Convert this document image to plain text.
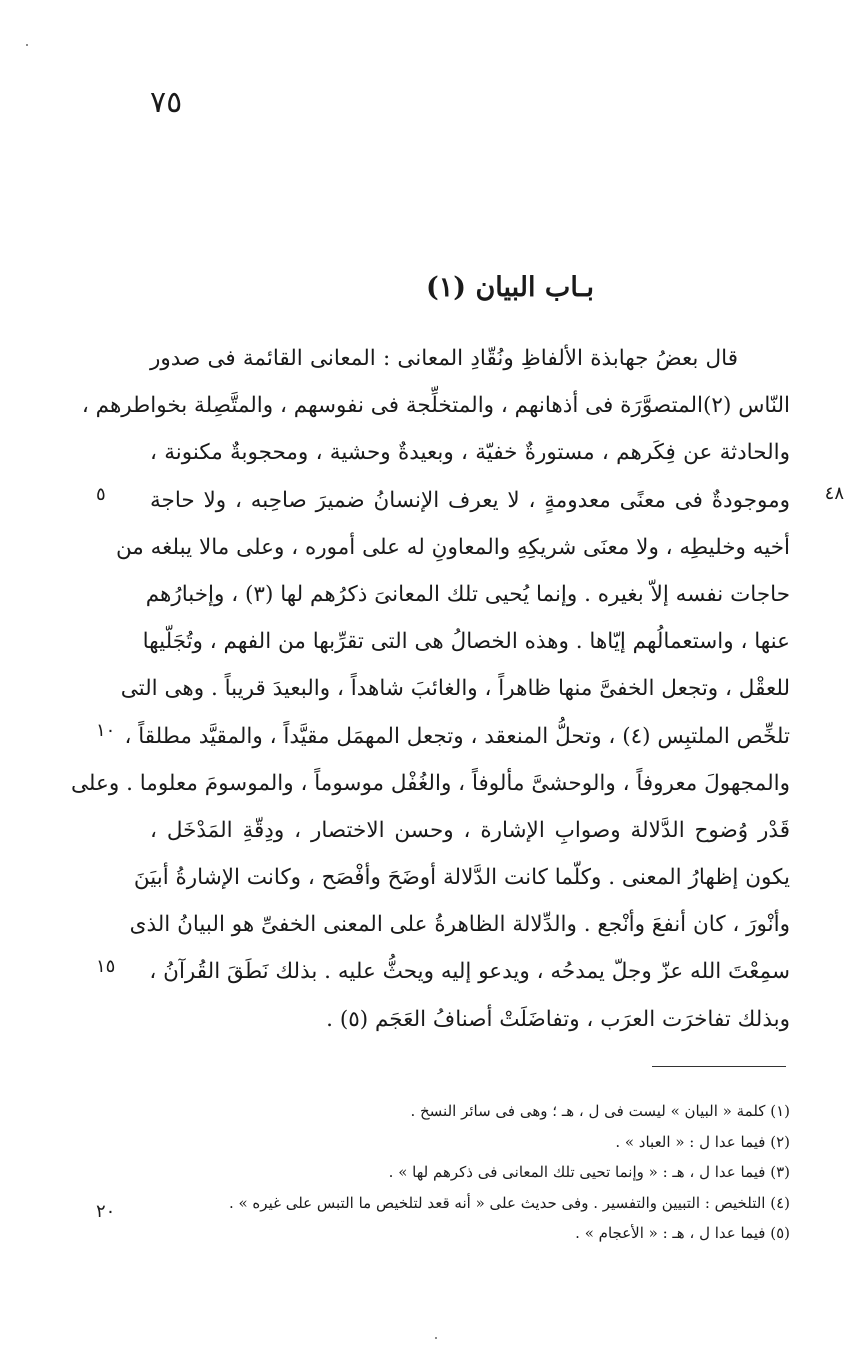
٧٥
بـاب البيان (١)
قال بعضُ جهابذة الألفاظِ ونُقّادِ المعانى : المعانى القائمة فى صدور
النّاس (٢)المتصوَّرَة فى أذهانهم ، والمتخلِّجة فى نفوسهم ، والمتَّصِلة بخواطرهم ،
والحادثة عن فِكَرهم ، مستورةٌ خفيّة ، وبعيدةٌ وحشية ، ومحجوبةٌ مكنونة ،
وموجودةٌ فى معنًى معدومةٍ ، لا يعرف الإنسانُ ضميرَ صاحِبه ، ولا حاجة
أخيه وخليطِه ، ولا معنَى شريكِهِ والمعاونِ له على أموره ، وعلى مالا يبلغه من
حاجات نفسه إلاّ بغيره . وإنما يُحيى تلك المعانىَ ذكرُهم لها (٣) ، وإخبارُهم
عنها ، واستعمالُهم إيّاها . وهذه الخصالُ هى التى تقرِّبها من الفهم ، وتُجَلّيها
للعقْل ، وتجعل الخفىَّ منها ظاهراً ، والغائبَ شاهداً ، والبعيدَ قريباً . وهى التى
تلخِّص الملتبِس (٤) ، وتحلُّ المنعقد ، وتجعل المهمَل مقيَّداً ، والمقيَّد مطلقاً ،
والمجهولَ معروفاً ، والوحشىَّ مألوفاً ، والغُفْل موسوماً ، والموسومَ معلوما . وعلى
قَدْر وُضوح الدَّلالة وصوابِ الإشارة ، وحسن الاختصار ، ودِقّةِ المَدْخَل ،
يكون إظهارُ المعنى . وكلّما كانت الدَّلالة أوضَحَ وأفْصَح ، وكانت الإشارةُ أبيَنَ
وأنْورَ ، كان أنفعَ وأنْجع . والدِّلالة الظاهرةُ على المعنى الخفىِّ هو البيانُ الذى
سمِعْتَ الله عزّ وجلّ يمدحُه ، ويدعو إليه ويحثُّ عليه . بذلك نَطَقَ القُرآنُ ،
وبذلك تفاخرَت العرَب ، وتفاضَلَتْ أصنافُ العَجَم (٥) .
٥
١٠
١٥
٢٠
٤٨
(١) كلمة « البيان » ليست فى ل ، هـ ؛ وهى فى سائر النسخ .
(٢) فيما عدا ل : « العباد » .
(٣) فيما عدا ل ، هـ : « وإنما تحيى تلك المعانى فى ذكرهم لها » .
(٤) التلخيص : التبيين والتفسير . وفى حديث على « أنه قعد لتلخيص ما التبس على غيره » .
(٥) فيما عدا ل ، هـ : « الأعجام » .
